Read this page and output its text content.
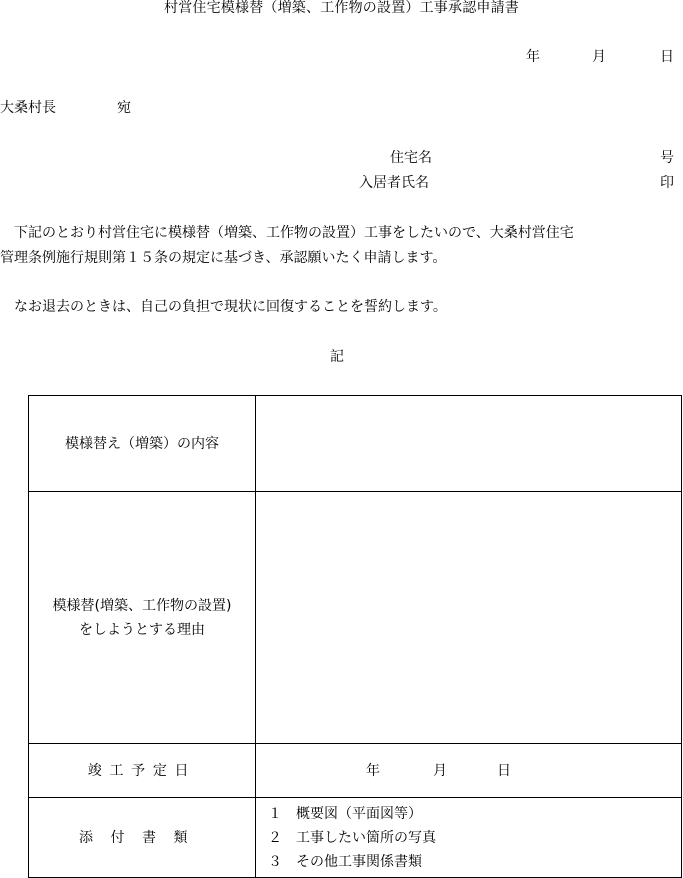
村営住宅模様替（増築、工作物の設置）工事承認申請書
年	月	日
大桑村長	宛
住宅名	号
入居者氏名	印
　下記のとおり村営住宅に模様替（増築、工作物の設置）工事をしたいので、大桑村営住宅
管理条例施行規則第１５条の規定に基づき、承認願いたく申請します。
　なお退去のときは、自己の負担で現状に回復することを誓約します。
記
模様替え（増築）の内容	

模様替(増築、工作物の設置)
をしようとする理由	

竣工予定日	年 月 日

添付書類	１　概要図（平面図等）
２　工事したい箇所の写真
３　その他工事関係書類
